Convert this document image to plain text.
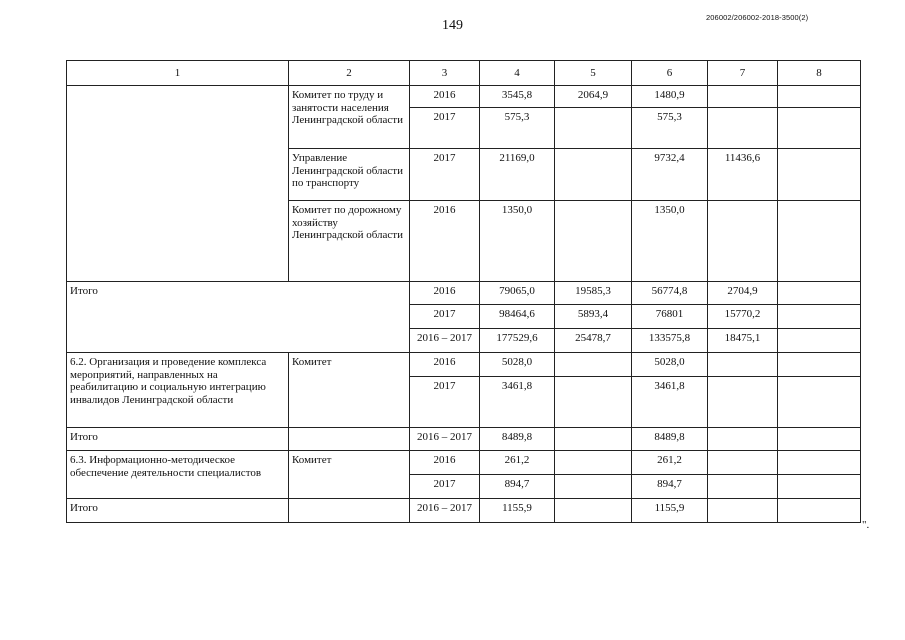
149
206002/206002-2018-3500(2)
1	2	3	4	5	6	7	8
	Комитет по труду и занятости населения Ленинградской области	2016	3545,8	2064,9	1480,9		
		2017	575,3		575,3		
	Управление Ленинградской области по транспорту	2017	21169,0		9732,4	11436,6	
	Комитет по дорожному хозяйству Ленинградской области	2016	1350,0		1350,0		
Итого		2016	79065,0	19585,3	56774,8	2704,9	
		2017	98464,6	5893,4	76801	15770,2	
		2016 – 2017	177529,6	25478,7	133575,8	18475,1	
6.2. Организация и проведение комплекса мероприятий, направленных на реабилитацию и социальную интеграцию инвалидов Ленинградской области	Комитет	2016	5028,0		5028,0		
		2017	3461,8		3461,8		
Итого		2016 – 2017	8489,8		8489,8		
6.3. Информационно-методическое обеспечение деятельности специалистов	Комитет	2016	261,2		261,2		
		2017	894,7		894,7		
Итого		2016 – 2017	1155,9		1155,9		
".
